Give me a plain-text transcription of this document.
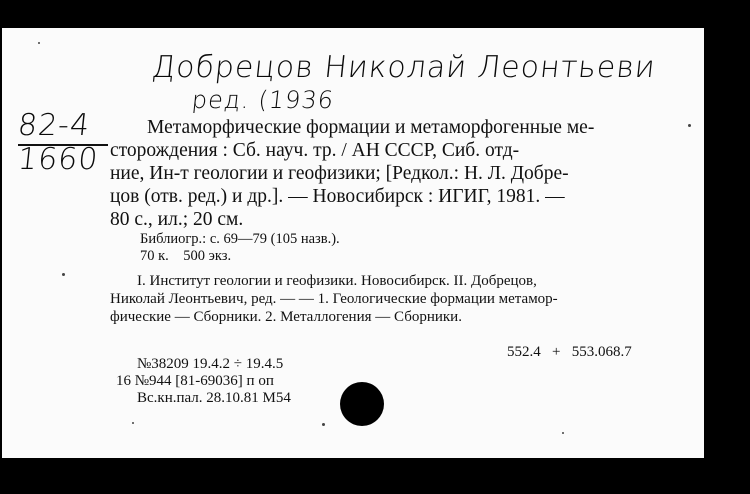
Добрецов Николай Леонтьеви
ред. (1936
82-4
1660
Метаморфические формации и метаморфогенные ме-
сторождения : Сб. науч. тр. / АН СССР, Сиб. отд-
ние, Ин-т геологии и геофизики; [Редкол.: Н. Л. Добре-
цов (отв. ред.) и др.]. — Новосибирск : ИГИГ, 1981. —
80 с., ил.; 20 см.
Библиогр.: с. 69—79 (105 назв.).
70 к.    500 экз.
I. Институт геологии и геофизики. Новосибирск. II. Добрецов,
Николай Леонтьевич, ред. — — 1. Геологические формации метамор-
фические — Сборники. 2. Металлогения — Сборники.
552.4   +   553.068.7
№38209 19.4.2 ÷ 19.4.5
16 №944 [81-69036] п оп
Вс.кн.пал. 28.10.81 М54
